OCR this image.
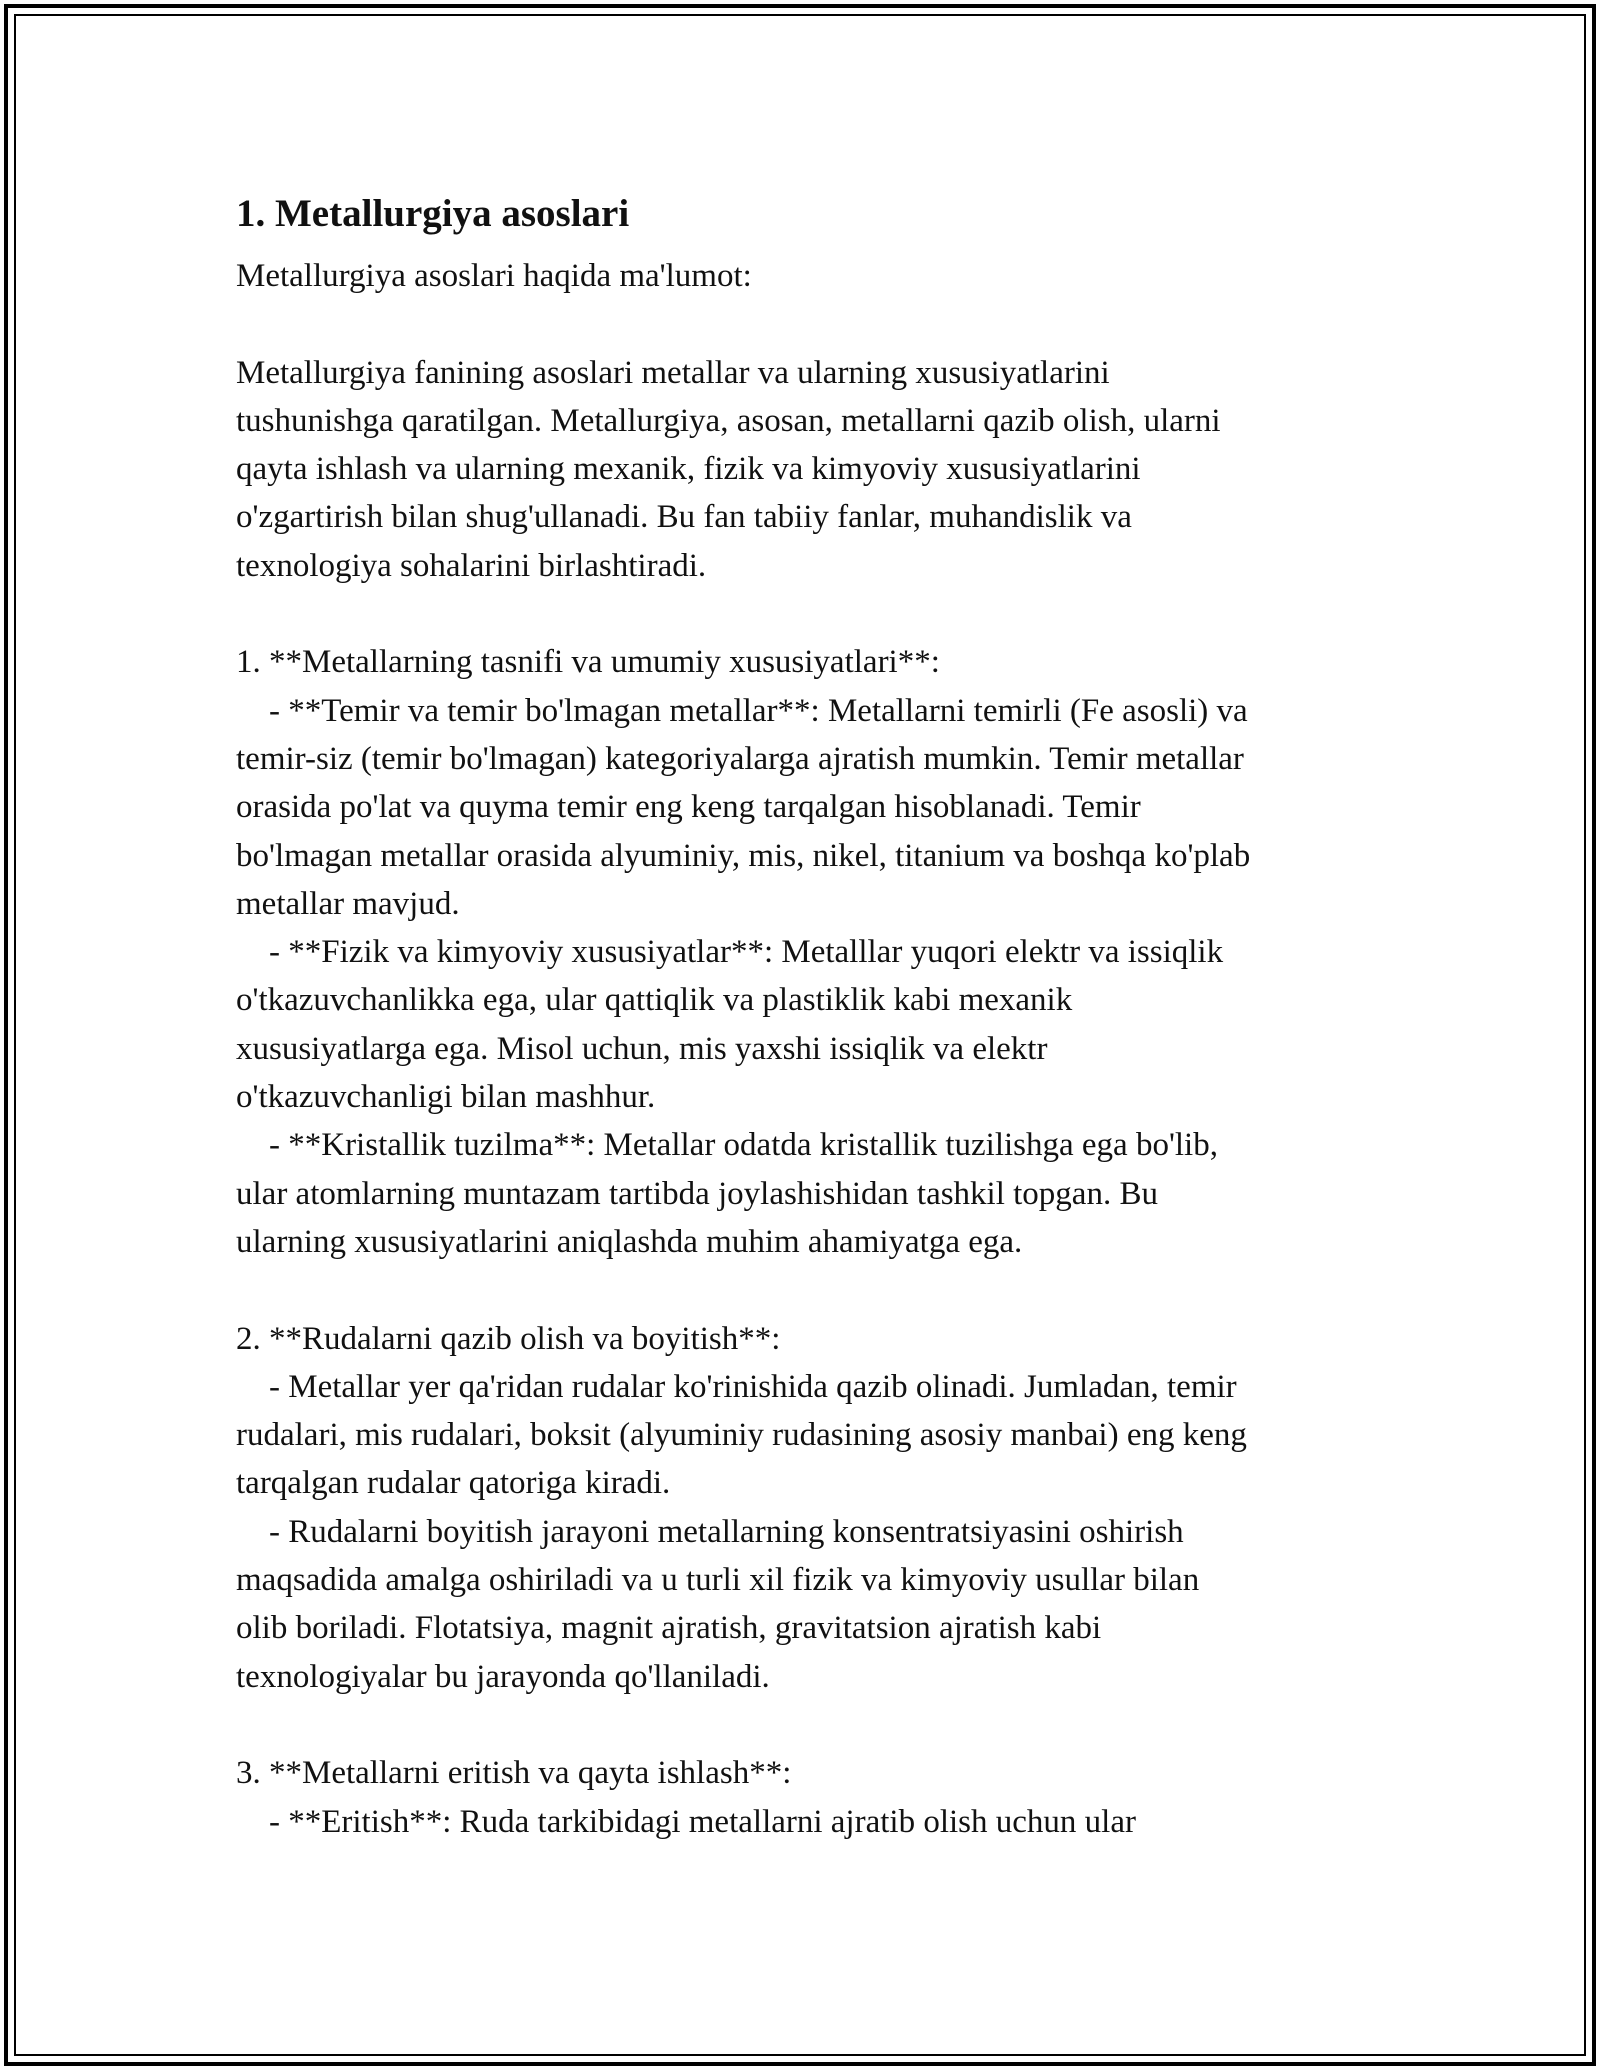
1. Metallurgiya asoslari
Metallurgiya asoslari haqida ma'lumot:
Metallurgiya fanining asoslari metallar va ularning xususiyatlarini
tushunishga qaratilgan. Metallurgiya, asosan, metallarni qazib olish, ularni
qayta ishlash va ularning mexanik, fizik va kimyoviy xususiyatlarini
o'zgartirish bilan shug'ullanadi. Bu fan tabiiy fanlar, muhandislik va
texnologiya sohalarini birlashtiradi.
1. **Metallarning tasnifi va umumiy xususiyatlari**:
- **Temir va temir bo'lmagan metallar**: Metallarni temirli (Fe asosli) va
temir-siz (temir bo'lmagan) kategoriyalarga ajratish mumkin. Temir metallar
orasida po'lat va quyma temir eng keng tarqalgan hisoblanadi. Temir
bo'lmagan metallar orasida alyuminiy, mis, nikel, titanium va boshqa ko'plab
metallar mavjud.
- **Fizik va kimyoviy xususiyatlar**: Metalllar yuqori elektr va issiqlik
o'tkazuvchanlikka ega, ular qattiqlik va plastiklik kabi mexanik
xususiyatlarga ega. Misol uchun, mis yaxshi issiqlik va elektr
o'tkazuvchanligi bilan mashhur.
- **Kristallik tuzilma**: Metallar odatda kristallik tuzilishga ega bo'lib,
ular atomlarning muntazam tartibda joylashishidan tashkil topgan. Bu
ularning xususiyatlarini aniqlashda muhim ahamiyatga ega.
2. **Rudalarni qazib olish va boyitish**:
- Metallar yer qa'ridan rudalar ko'rinishida qazib olinadi. Jumladan, temir
rudalari, mis rudalari, boksit (alyuminiy rudasining asosiy manbai) eng keng
tarqalgan rudalar qatoriga kiradi.
- Rudalarni boyitish jarayoni metallarning konsentratsiyasini oshirish
maqsadida amalga oshiriladi va u turli xil fizik va kimyoviy usullar bilan
olib boriladi. Flotatsiya, magnit ajratish, gravitatsion ajratish kabi
texnologiyalar bu jarayonda qo'llaniladi.
3. **Metallarni eritish va qayta ishlash**:
- **Eritish**: Ruda tarkibidagi metallarni ajratib olish uchun ular
